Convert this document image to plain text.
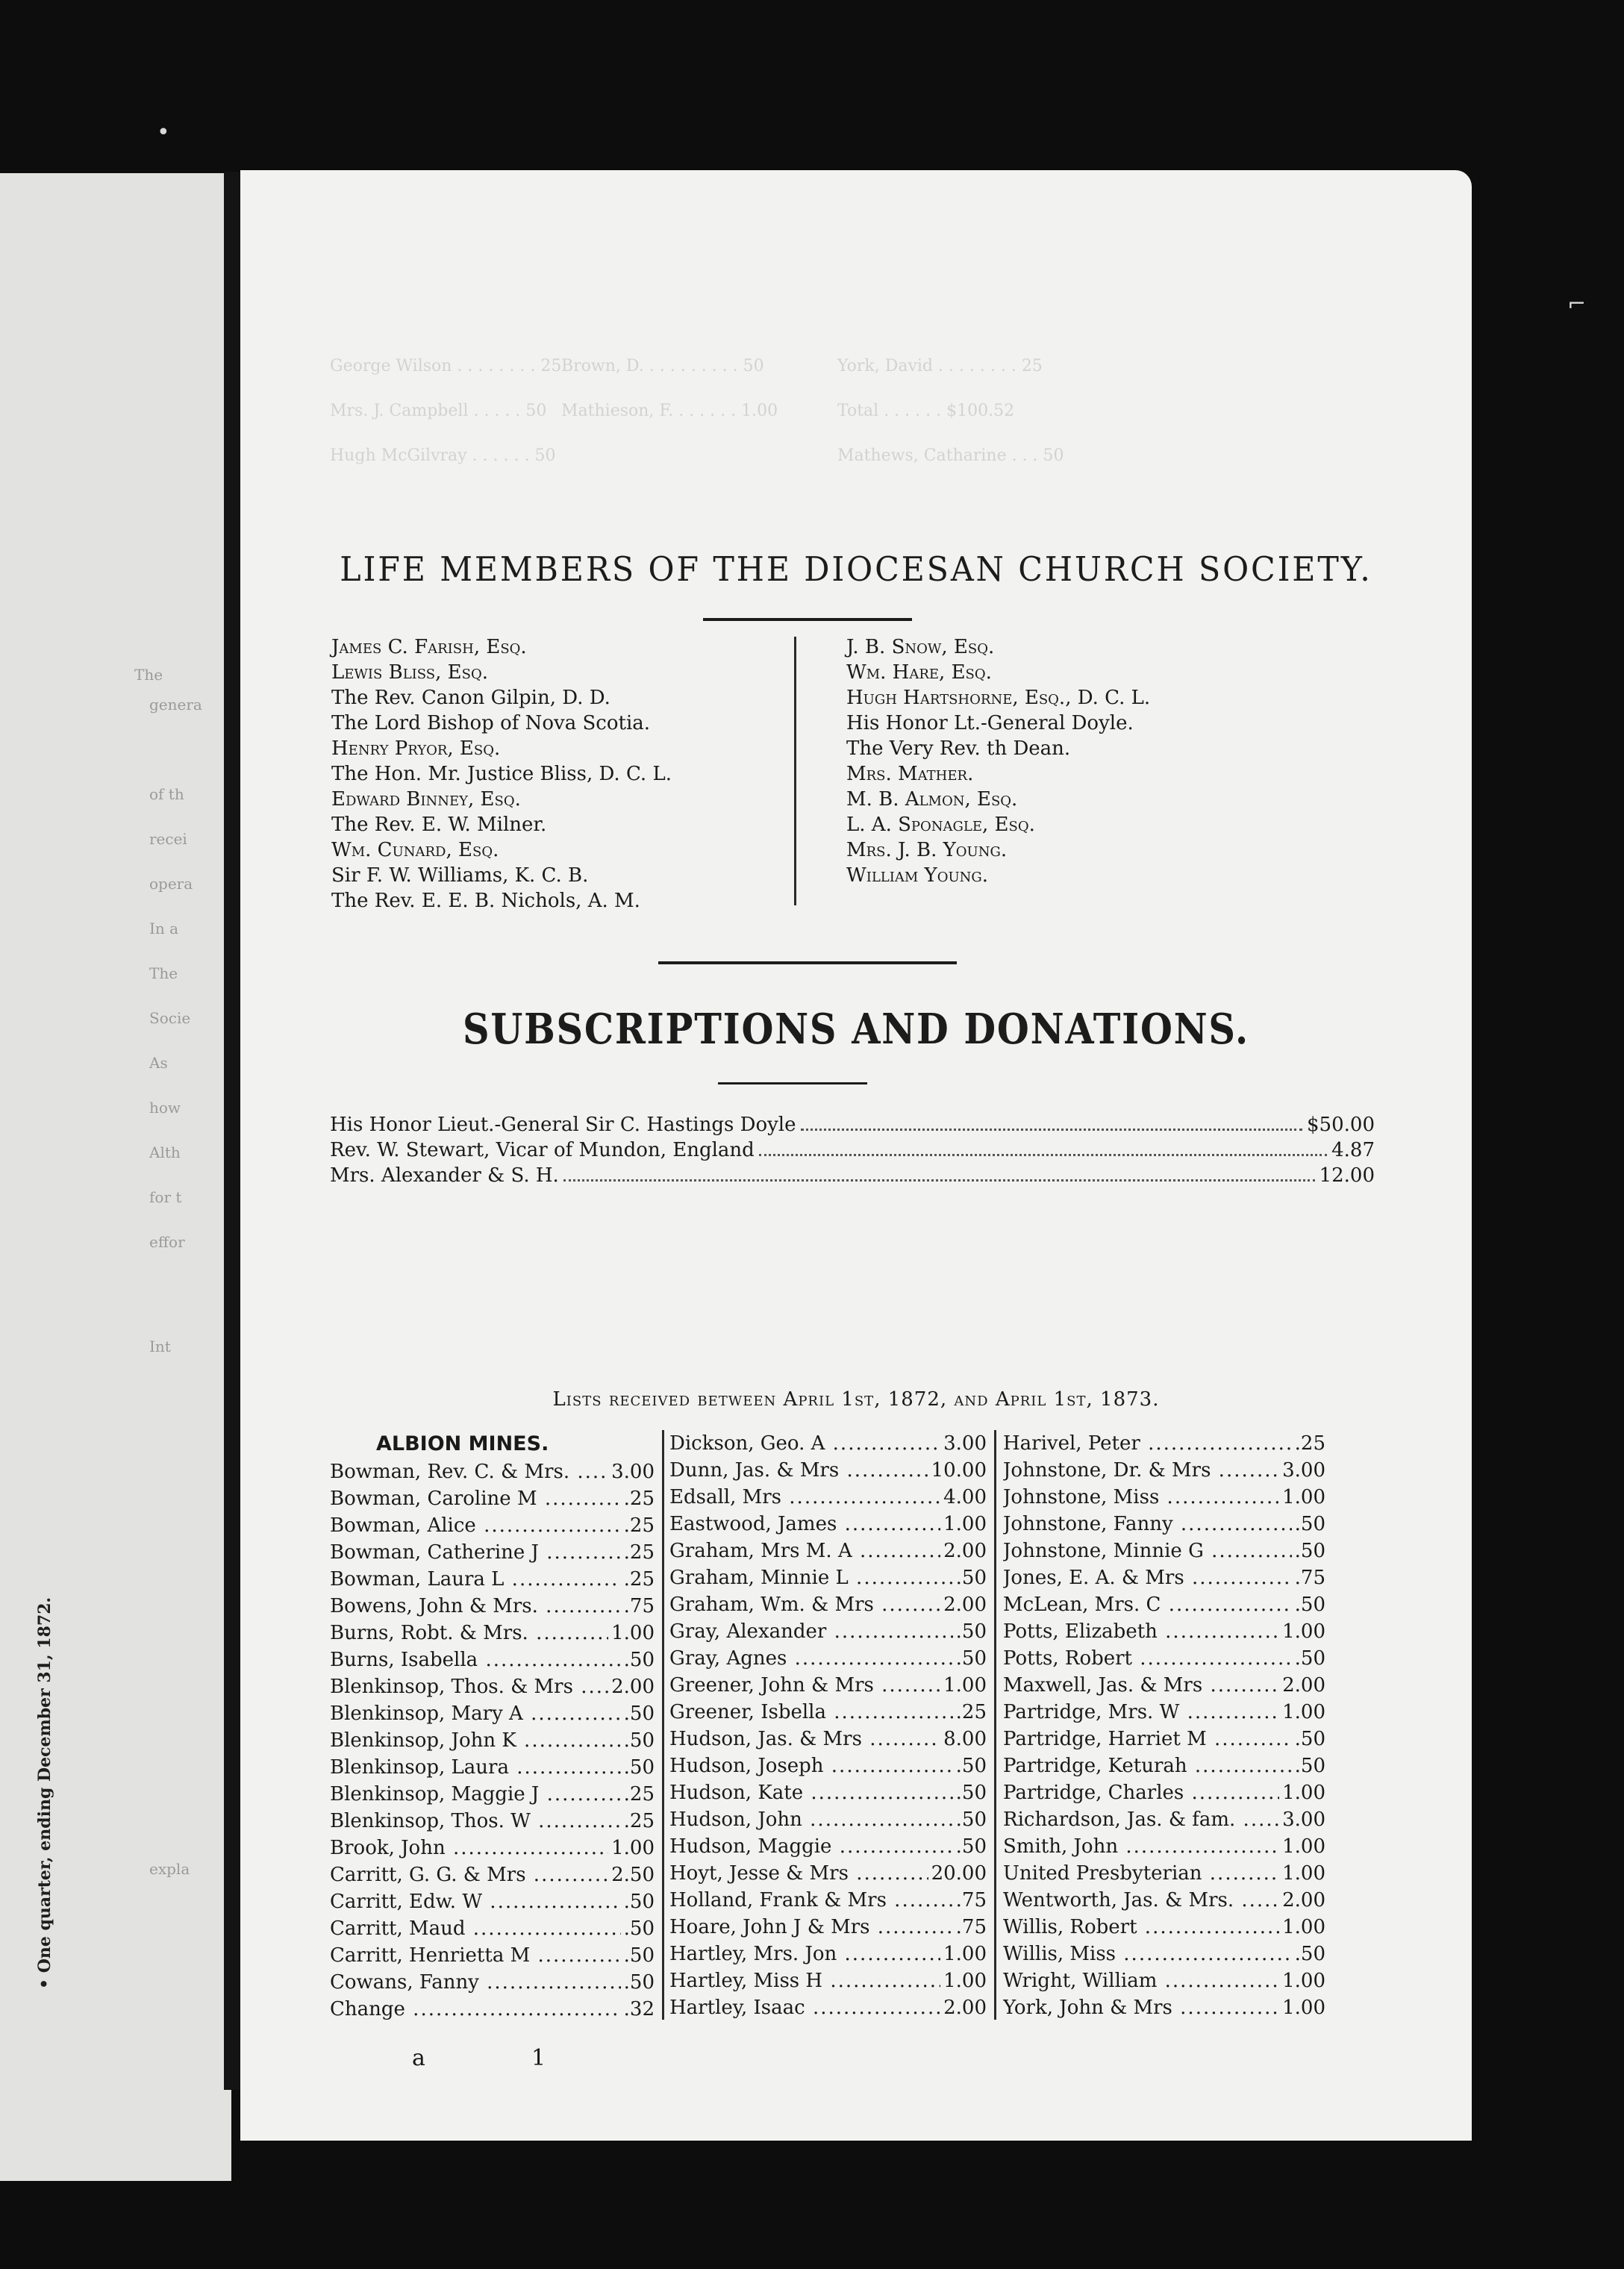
The
genera
of th
recei
opera
In a
The
Socie
As
how
Alth
for t
effor
Int
expla
• One quarter, ending December 31, 1872.
•
⌐
George Wilson . . . . . . . . 25 Brown, D. . . . . . . . . . 50	York, David . . . . . . . . 25
Mrs. J. Campbell . . . . . 50 Mathieson, F. . . . . . . 1.00	Total . . . . . . $100.52
Hugh McGilvray . . . . . . 50	Mathews, Catharine . . . 50
LIFE MEMBERS OF THE DIOCESAN CHURCH SOCIETY.
James C. Farish, Esq.
Lewis Bliss, Esq.
The Rev. Canon Gilpin, D. D.
The Lord Bishop of Nova Scotia.
Henry Pryor, Esq.
The Hon. Mr. Justice Bliss, D. C. L.
Edward Binney, Esq.
The Rev. E. W. Milner.
Wm. Cunard, Esq.
Sir F. W. Williams, K. C. B.
The Rev. E. E. B. Nichols, A. M.
J. B. Snow, Esq.
Wm. Hare, Esq.
Hugh Hartshorne, Esq., D. C. L.
His Honor Lt.-General Doyle.
The Very Rev. th Dean.
Mrs. Mather.
M. B. Almon, Esq.
L. A. Sponagle, Esq.
Mrs. J. B. Young.
William Young.
SUBSCRIPTIONS AND DONATIONS.
His Honor Lieut.-General Sir C. Hastings Doyle	$50.00
Rev. W. Stewart, Vicar of Mundon, England	4.87
Mrs. Alexander & S. H.	12.00
Lists received between April 1st, 1872, and April 1st, 1873.
ALBION MINES.
Bowman, Rev. C. & Mrs. .....	3.00
Bowman, Caroline M .....	.25
Bowman, Alice .....	.25
Bowman, Catherine J .....	.25
Bowman, Laura L .....	.25
Bowens, John & Mrs. .....	.75
Burns, Robt. & Mrs. .....	1.00
Burns, Isabella .....	.50
Blenkinsop, Thos. & Mrs .....	2.00
Blenkinsop, Mary A .....	.50
Blenkinsop, John K .....	.50
Blenkinsop, Laura .....	.50
Blenkinsop, Maggie J .....	.25
Blenkinsop, Thos. W .....	.25
Brook, John .....	1.00
Carritt, G. G. & Mrs .....	2.50
Carritt, Edw. W .....	.50
Carritt, Maud .....	.50
Carritt, Henrietta M .....	.50
Cowans, Fanny .....	.50
Change .....	.32
Dickson, Geo. A .....	3.00
Dunn, Jas. & Mrs .....	10.00
Edsall, Mrs .....	4.00
Eastwood, James .....	1.00
Graham, Mrs M. A .....	2.00
Graham, Minnie L .....	.50
Graham, Wm. & Mrs .....	2.00
Gray, Alexander .....	.50
Gray, Agnes .....	.50
Greener, John & Mrs .....	1.00
Greener, Isbella .....	.25
Hudson, Jas. & Mrs .....	8.00
Hudson, Joseph .....	.50
Hudson, Kate .....	.50
Hudson, John .....	.50
Hudson, Maggie .....	.50
Hoyt, Jesse & Mrs .....	20.00
Holland, Frank & Mrs .....	.75
Hoare, John J & Mrs .....	.75
Hartley, Mrs. Jon .....	1.00
Hartley, Miss H .....	1.00
Hartley, Isaac .....	2.00
Harivel, Peter .....	.25
Johnstone, Dr. & Mrs .....	3.00
Johnstone, Miss .....	1.00
Johnstone, Fanny .....	.50
Johnstone, Minnie G .....	.50
Jones, E. A. & Mrs .....	.75
McLean, Mrs. C .....	.50
Potts, Elizabeth .....	1.00
Potts, Robert .....	.50
Maxwell, Jas. & Mrs .....	2.00
Partridge, Mrs. W .....	1.00
Partridge, Harriet M .....	.50
Partridge, Keturah .....	.50
Partridge, Charles .....	1.00
Richardson, Jas. & fam. .....	3.00
Smith, John .....	1.00
United Presbyterian .....	1.00
Wentworth, Jas. & Mrs. .....	2.00
Willis, Robert .....	1.00
Willis, Miss .....	.50
Wright, William .....	1.00
York, John & Mrs .....	1.00
a	1
